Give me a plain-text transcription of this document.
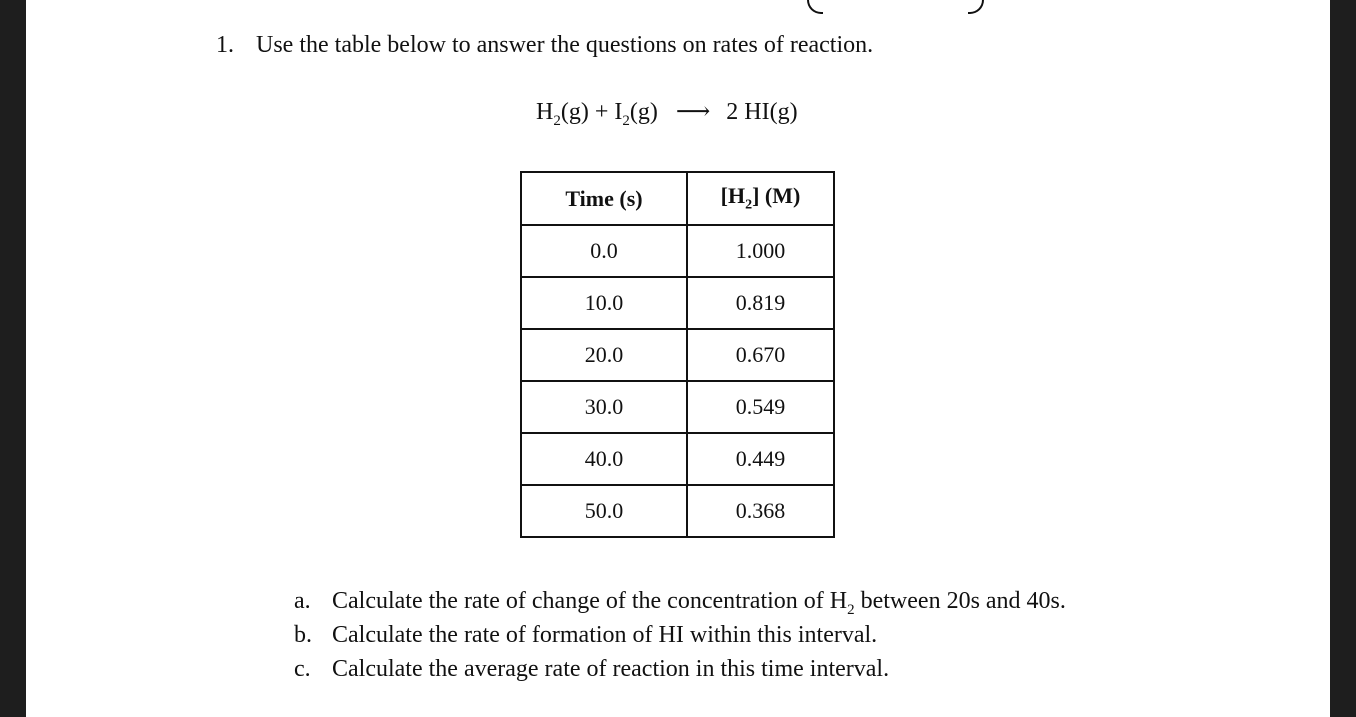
1. Use the table below to answer the questions on rates of reaction.
$H_2(g) + I_2(g)$ ⟶ 2 HI(g)
Time (s)	$[H_2]$ (M)
0.0	1.000
10.0	0.819
20.0	0.670
30.0	0.549
40.0	0.449
50.0	0.368
a. Calculate the rate of change of the concentration of $H_2$ between 20s and 40s.
b. Calculate the rate of formation of HI within this interval.
c. Calculate the average rate of reaction in this time interval.
